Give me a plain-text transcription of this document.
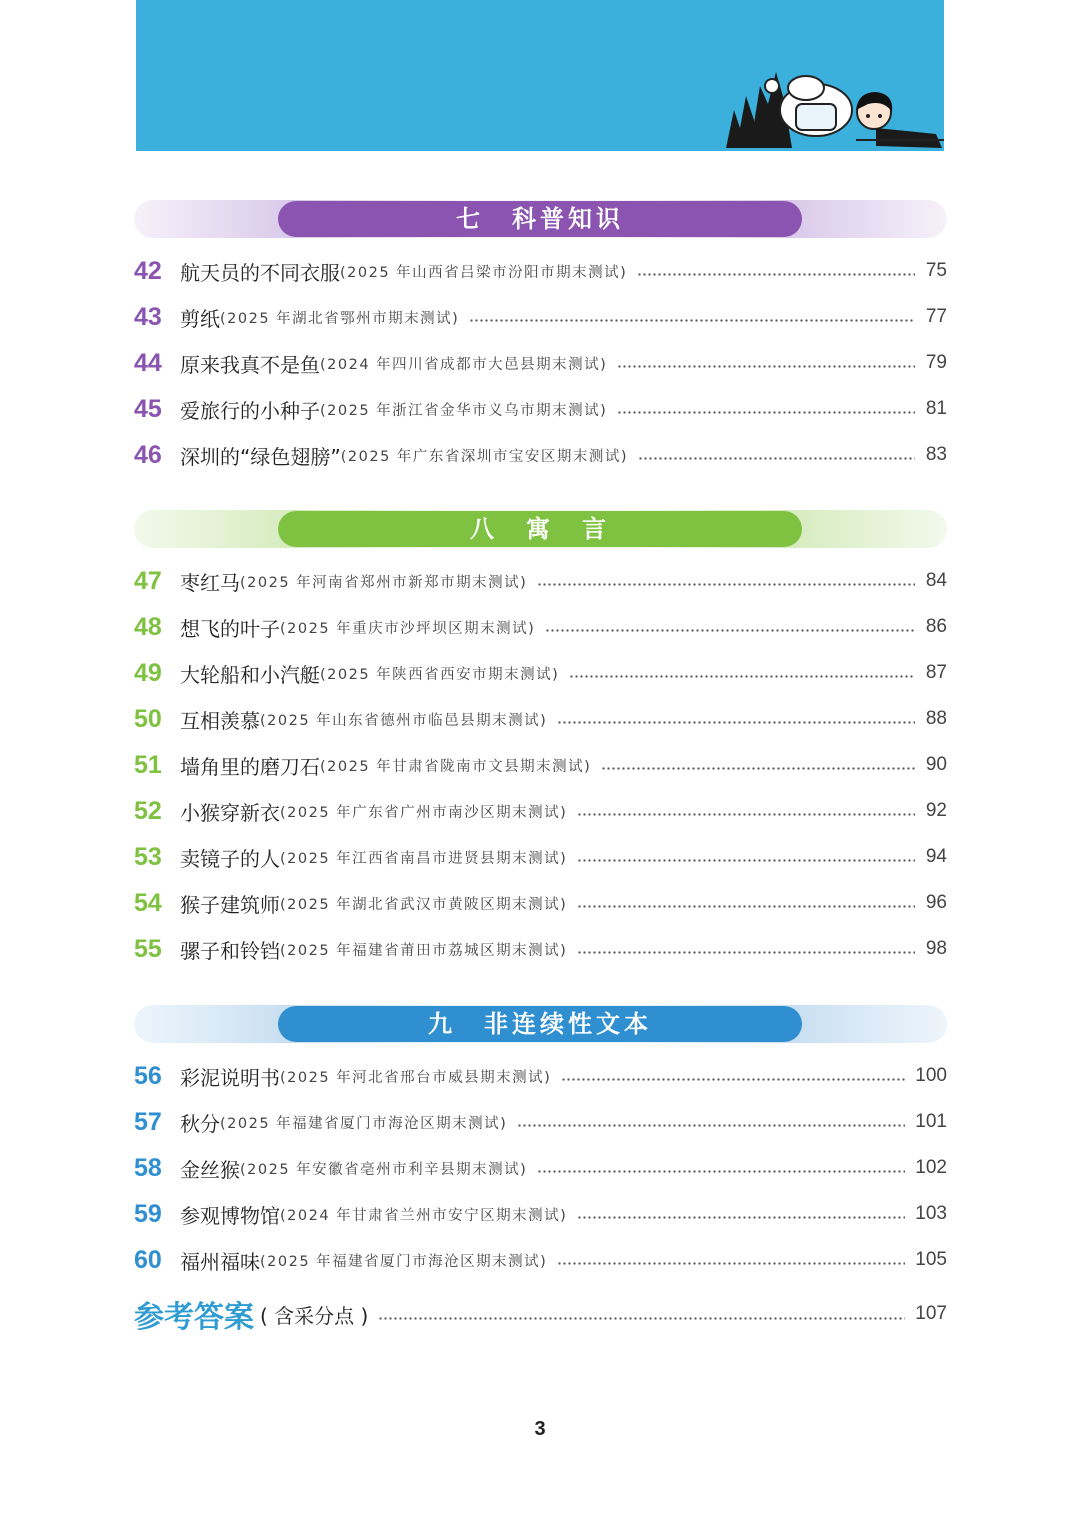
七　科普知识
42 航天员的不同衣服 (2025 年山西省吕梁市汾阳市期末测试)	75
43 剪纸 (2025 年湖北省鄂州市期末测试)	77
44 原来我真不是鱼 (2024 年四川省成都市大邑县期末测试)	79
45 爱旅行的小种子 (2025 年浙江省金华市义乌市期末测试)	81
46 深圳的“绿色翅膀” (2025 年广东省深圳市宝安区期末测试)	83
八　寓　言
47 枣红马 (2025 年河南省郑州市新郑市期末测试)	84
48 想飞的叶子 (2025 年重庆市沙坪坝区期末测试)	86
49 大轮船和小汽艇 (2025 年陕西省西安市期末测试)	87
50 互相羡慕 (2025 年山东省德州市临邑县期末测试)	88
51 墙角里的磨刀石 (2025 年甘肃省陇南市文县期末测试)	90
52 小猴穿新衣 (2025 年广东省广州市南沙区期末测试)	92
53 卖镜子的人 (2025 年江西省南昌市进贤县期末测试)	94
54 猴子建筑师 (2025 年湖北省武汉市黄陂区期末测试)	96
55 骡子和铃铛 (2025 年福建省莆田市荔城区期末测试)	98
九　非连续性文本
56 彩泥说明书 (2025 年河北省邢台市威县期末测试)	100
57 秋分 (2025 年福建省厦门市海沧区期末测试)	101
58 金丝猴 (2025 年安徽省亳州市利辛县期末测试)	102
59 参观博物馆 (2024 年甘肃省兰州市安宁区期末测试)	103
60 福州福味 (2025 年福建省厦门市海沧区期末测试)	105
参考答案 ( 含采分点 )	107
3
